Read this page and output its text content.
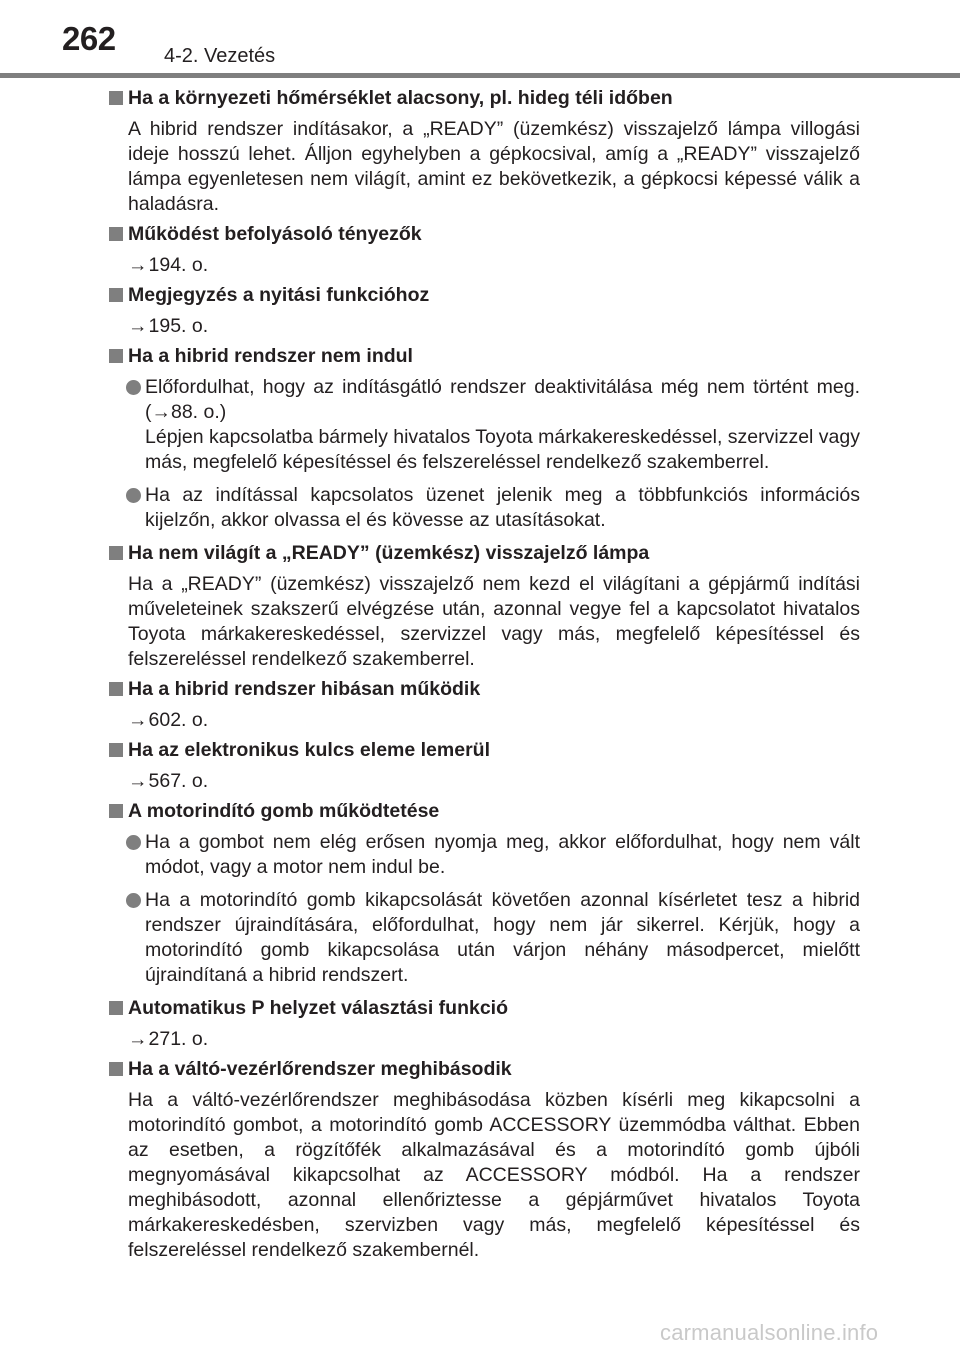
262 4-2. Vezetés
Ha a környezeti hőmérséklet alacsony, pl. hideg téli időben
A hibrid rendszer indításakor, a „READY” (üzemkész) visszajelző lámpa villogási ideje hosszú lehet. Álljon egyhelyben a gépkocsival, amíg a „READY” visszajelző lámpa egyenletesen nem világít, amint ez bekövetkezik, a gépkocsi képessé válik a haladásra.
Működést befolyásoló tényezők
→194. o.
Megjegyzés a nyitási funkcióhoz
→195. o.
Ha a hibrid rendszer nem indul
Előfordulhat, hogy az indításgátló rendszer deaktivitálása még nem történt meg. (→88. o.)
Lépjen kapcsolatba bármely hivatalos Toyota márkakereskedéssel, szervizzel vagy más, megfelelő képesítéssel és felszereléssel rendelkező szakemberrel.
Ha az indítással kapcsolatos üzenet jelenik meg a többfunkciós információs kijelzőn, akkor olvassa el és kövesse az utasításokat.
Ha nem világít a „READY” (üzemkész) visszajelző lámpa
Ha a „READY” (üzemkész) visszajelző nem kezd el világítani a gépjármű indítási műveleteinek szakszerű elvégzése után, azonnal vegye fel a kapcsolatot hivatalos Toyota márkakereskedéssel, szervizzel vagy más, megfelelő képesítéssel és felszereléssel rendelkező szakemberrel.
Ha a hibrid rendszer hibásan működik
→602. o.
Ha az elektronikus kulcs eleme lemerül
→567. o.
A motorindító gomb működtetése
Ha a gombot nem elég erősen nyomja meg, akkor előfordulhat, hogy nem vált módot, vagy a motor nem indul be.
Ha a motorindító gomb kikapcsolását követően azonnal kísérletet tesz a hibrid rendszer újraindítására, előfordulhat, hogy nem jár sikerrel. Kérjük, hogy a motorindító gomb kikapcsolása után várjon néhány másodpercet, mielőtt újraindítaná a hibrid rendszert.
Automatikus P helyzet választási funkció
→271. o.
Ha a váltó-vezérlőrendszer meghibásodik
Ha a váltó-vezérlőrendszer meghibásodása közben kísérli meg kikapcsolni a motorindító gombot, a motorindító gomb ACCESSORY üzemmódba válthat. Ebben az esetben, a rögzítőfék alkalmazásával és a motorindító gomb újbóli megnyomásával kikapcsolhat az ACCESSORY módból. Ha a rendszer meghibásodott, azonnal ellenőriztesse a gépjárművet hivatalos Toyota márkakereskedésben, szervizben vagy más, megfelelő képesítéssel és felszereléssel rendelkező szakembernél.
carmanualsonline.info
